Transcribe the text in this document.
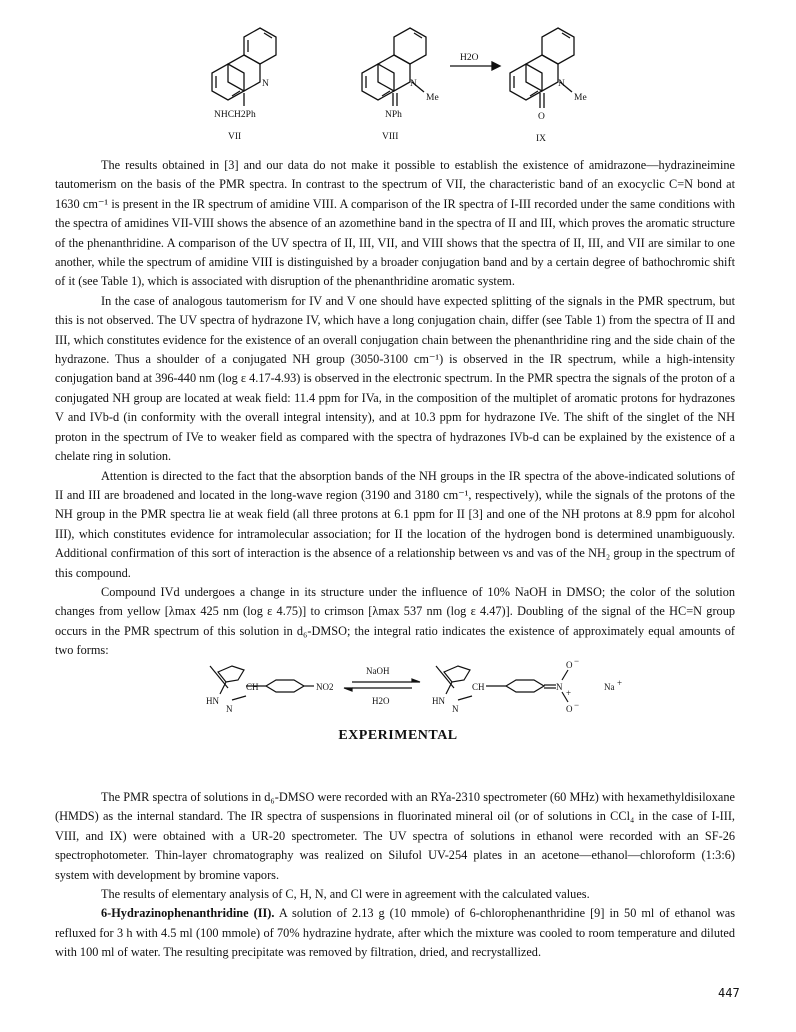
N
NHCH2Ph
VII
N
Me
NPh
VIII
H2O
N
Me
O
IX

The results obtained in [3] and our data do not make it possible to establish the existence of amidrazone—hydrazineimine tautomerism on the basis of the PMR spectra. In contrast to the spectrum of VII, the characteristic band of an exocyclic C=N bond at 1630 cm⁻¹ is present in the IR spectrum of amidine VIII. A comparison of the IR spectra of I-III recorded under the same conditions with the spectra of amidines VII-VIII shows the absence of an azomethine band in the spectra of II and III, which proves the aromatic structure of the phenanthridine. A comparison of the UV spectra of II, III, VII, and VIII shows that the spectra of II, III, and VII are similar to one another, while the spectrum of amidine VIII is distinguished by a broader conjugation band and by a certain degree of bathochromic shift of it (see Table 1), which is associated with disruption of the phenanthridine aromatic system.

In the case of analogous tautomerism for IV and V one should have expected splitting of the signals in the PMR spectrum, but this is not observed. The UV spectra of hydrazone IV, which have a long conjugation chain, differ (see Table 1) from the spectra of II and III, which constitutes evidence for the existence of an overall conjugation chain between the phenanthridine ring and the side chain of the hydrazone. Thus a shoulder of a conjugated NH group (3050-3100 cm⁻¹) is observed in the IR spectrum, while a high-intensity conjugation band at 396-440 nm (log ε 4.17-4.93) is observed in the electronic spectrum. In the PMR spectra the signals of the proton of a conjugated NH group are located at weak field: 11.4 ppm for IVa, in the composition of the multiplet of aromatic protons for hydrazones V and IVb-d (in conformity with the overall integral intensity), and at 10.3 ppm for hydrazone IVe. The shift of the singlet of the NH proton in the spectrum of IVe to weaker field as compared with the spectra of hydrazones IVb-d can be explained by the existence of a chelate ring in solution.

Attention is directed to the fact that the absorption bands of the NH groups in the IR spectra of the above-indicated solutions of II and III are broadened and located in the long-wave region (3190 and 3180 cm⁻¹, respectively), while the signals of the protons of the NH group in the PMR spectra lie at weak field (all three protons at 6.1 ppm for II [3] and one of the NH protons at 8.9 ppm for alcohol III), which constitutes evidence for intramolecular association; for II the location of the hydrogen bond is determined unambiguously. Additional confirmation of this sort of interaction is the absence of a relationship between νs and νas of the NH₂ group in the spectrum of this compound.

Compound IVd undergoes a change in its structure under the influence of 10% NaOH in DMSO; the color of the solution changes from yellow [λmax 425 nm (log ε 4.75)] to crimson [λmax 537 nm (log ε 4.47)]. Doubling of the signal of the HC=N group occurs in the PMR spectrum of this solution in d₆-DMSO; the integral ratio indicates the existence of approximately equal amounts of two forms:

HN
N
CH	NO2
NaOH
H2O	HN
N
CH	N
+
O −
O −
Na +
EXPERIMENTAL

The PMR spectra of solutions in d₆-DMSO were recorded with an RYa-2310 spectrometer (60 MHz) with hexamethyldisiloxane (HMDS) as the internal standard. The IR spectra of suspensions in fluorinated mineral oil (or of solutions in CCl₄ in the case of I-III, VIII, and IX) were obtained with a UR-20 spectrometer. The UV spectra of solutions in ethanol were recorded with an SF-26 spectrophotometer. Thin-layer chromatography was realized on Silufol UV-254 plates in an acetone—ethanol—chloroform (1:3:6) system with development by bromine vapors.

The results of elementary analysis of C, H, N, and Cl were in agreement with the calculated values.

6-Hydrazinophenanthridine (II). A solution of 2.13 g (10 mmole) of 6-chlorophenanthridine [9] in 50 ml of ethanol was refluxed for 3 h with 4.5 ml (100 mmole) of 70% hydrazine hydrate, after which the mixture was cooled to room temperature and diluted with 100 ml of water. The resulting precipitate was removed by filtration, dried, and recrystallized.

447
